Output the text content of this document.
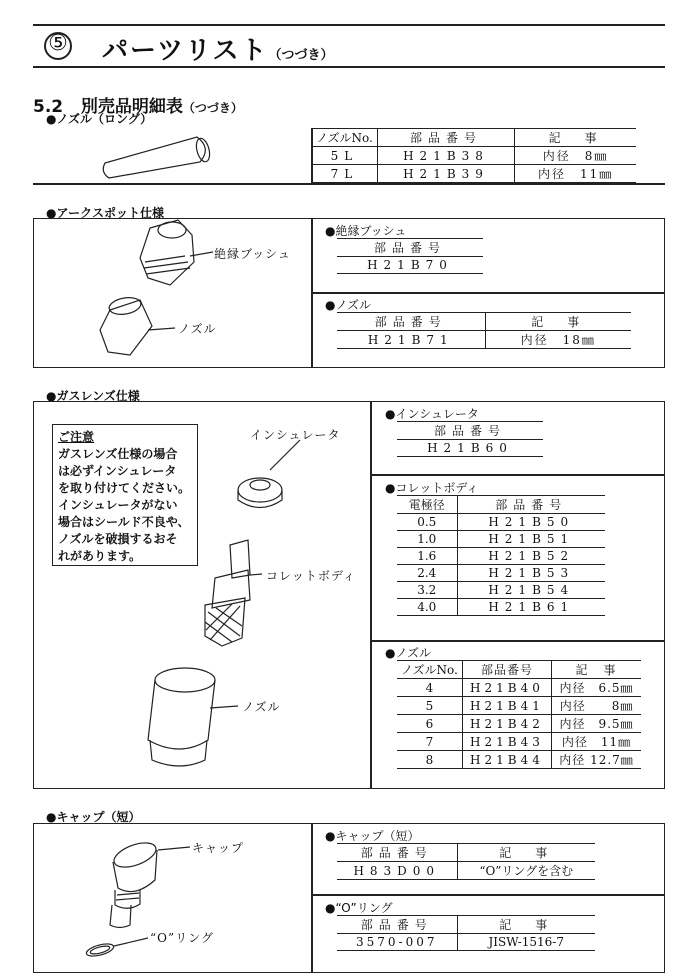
⑤ パーツリスト（つづき）
5.2 別売品明細表（つづき）
●ノズル（ロング）
ノズルNo.	部品番号	記　事
5L	H21B38	内径　8㎜
7L	H21B39	内径　11㎜
●アークスポット仕様
絶縁ブッシュ
ノズル
●絶縁ブッシュ
部品番号
H21B70
●ノズル
部品番号	記　事
H21B71	内径　18㎜
●ガスレンズ仕様
ご注意
ガスレンズ仕様の場合
は必ずインシュレータ
を取り付けてください。
インシュレータがない
場合はシールド不良や、
ノズルを破損するおそ
れがあります。
インシュレータ
コレットボディ
ノズル
●インシュレータ
部品番号
H21B60
●コレットボディ
電極径	部品番号
0.5	H21B50
1.0	H21B51
1.6	H21B52
2.4	H21B53
3.2	H21B54
4.0	H21B61
●ノズル
ノズルNo.	部品番号	記　事
4	H21B40	内径　6.5㎜
5	H21B41	内径　　8㎜
6	H21B42	内径　9.5㎜
7	H21B43	内径　11㎜
8	H21B44	内径 12.7㎜
●キャップ（短）
キャップ
“O”リング
●キャップ（短）
部品番号	記　事
H83D00	“O”リングを含む
●“O”リング
部品番号	記　事
3570-007	JISW-1516-7
